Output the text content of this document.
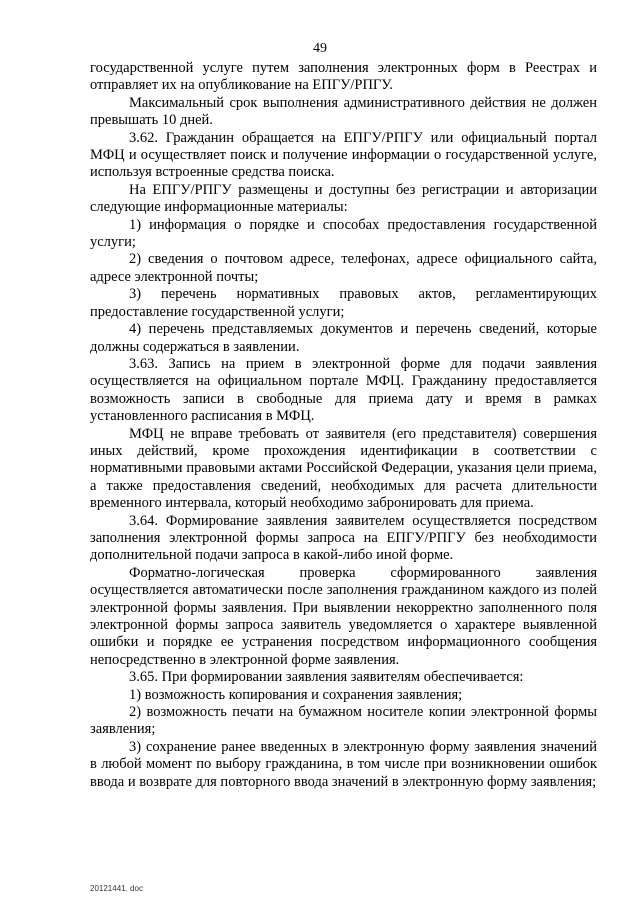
49

государственной услуге путем заполнения электронных форм в Реестрах и отправляет их на опубликование на ЕПГУ/РПГУ.

Максимальный срок выполнения административного действия не должен превышать 10 дней.

3.62. Гражданин обращается на ЕПГУ/РПГУ или официальный портал МФЦ и осуществляет поиск и получение информации о государственной услуге, используя встроенные средства поиска.

На ЕПГУ/РПГУ размещены и доступны без регистрации и авторизации следующие информационные материалы:

1) информация о порядке и способах предоставления государственной услуги;

2) сведения о почтовом адресе, телефонах, адресе официального сайта, адресе электронной почты;

3) перечень нормативных правовых актов, регламентирующих предоставление государственной услуги;

4) перечень представляемых документов и перечень сведений, которые должны содержаться в заявлении.

3.63. Запись на прием в электронной форме для подачи заявления осуществляется на официальном портале МФЦ. Гражданину предоставляется возможность записи в свободные для приема дату и время в рамках установленного расписания в МФЦ.

МФЦ не вправе требовать от заявителя (его представителя) совершения иных действий, кроме прохождения идентификации в соответствии с нормативными правовыми актами Российской Федерации, указания цели приема, а также предоставления сведений, необходимых для расчета длительности временного интервала, который необходимо забронировать для приема.

3.64. Формирование заявления заявителем осуществляется посредством заполнения электронной формы запроса на ЕПГУ/РПГУ без необходимости дополнительной подачи запроса в какой-либо иной форме.

Форматно-логическая проверка сформированного заявления осуществляется автоматически после заполнения гражданином каждого из полей электронной формы заявления. При выявлении некорректно заполненного поля электронной формы запроса заявитель уведомляется о характере выявленной ошибки и порядке ее устранения посредством информационного сообщения непосредственно в электронной форме заявления.

3.65. При формировании заявления заявителям обеспечивается:

1) возможность копирования и сохранения заявления;

2) возможность печати на бумажном носителе копии электронной формы заявления;

3) сохранение ранее введенных в электронную форму заявления значений в любой момент по выбору гражданина, в том числе при возникновении ошибок ввода и возврате для повторного ввода значений в электронную форму заявления;

20121441. doc
